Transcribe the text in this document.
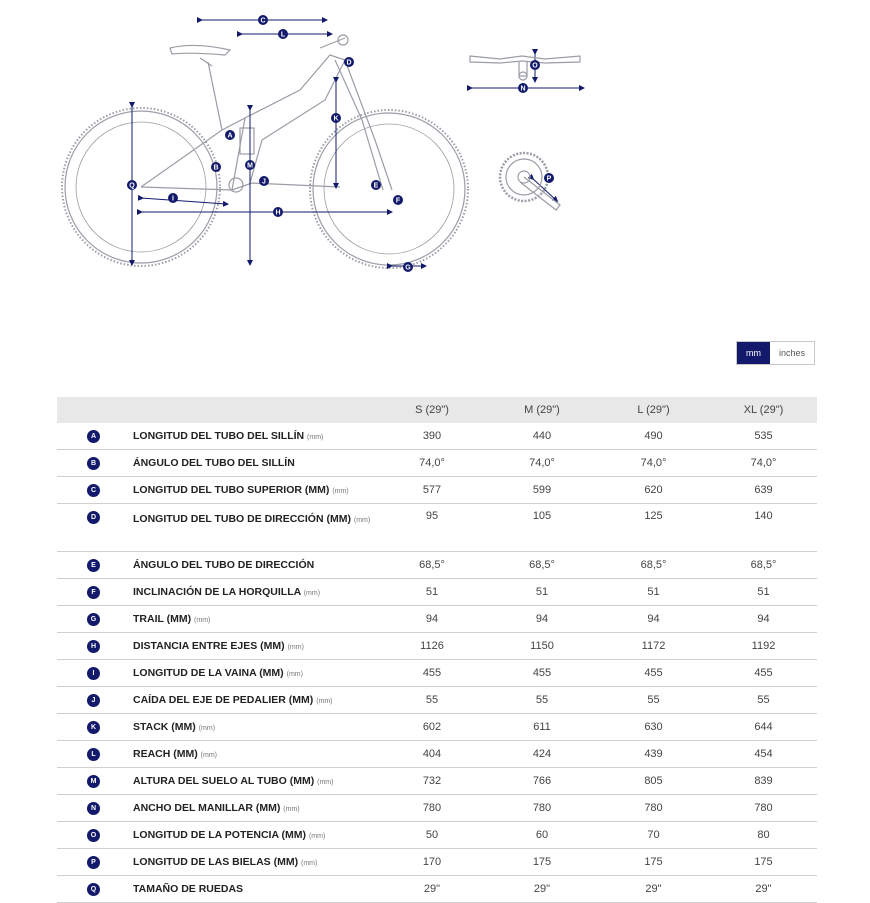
C
L
D
K
A
B	M
J
E
F
Q
I
H
G
N
O
P
mm	inches
		S (29")	M (29")	L (29")	XL (29")
A	LONGITUD DEL TUBO DEL SILLÍN (mm)	390	440	490	535
B	ÁNGULO DEL TUBO DEL SILLÍN	74,0°	74,0°	74,0°	74,0°
C	LONGITUD DEL TUBO SUPERIOR (MM) (mm)	577	599	620	639
D	LONGITUD DEL TUBO DE DIRECCIÓN (MM) (mm)	95	105	125	140
E	ÁNGULO DEL TUBO DE DIRECCIÓN	68,5°	68,5°	68,5°	68,5°
F	INCLINACIÓN DE LA HORQUILLA (mm)	51	51	51	51
G	TRAIL (MM) (mm)	94	94	94	94
H	DISTANCIA ENTRE EJES (MM) (mm)	1126	1150	1172	1192
I	LONGITUD DE LA VAINA (MM) (mm)	455	455	455	455
J	CAÍDA DEL EJE DE PEDALIER (MM) (mm)	55	55	55	55
K	STACK (MM) (mm)	602	611	630	644
L	REACH (MM) (mm)	404	424	439	454
M	ALTURA DEL SUELO AL TUBO (MM) (mm)	732	766	805	839
N	ANCHO DEL MANILLAR (MM) (mm)	780	780	780	780
O	LONGITUD DE LA POTENCIA (MM) (mm)	50	60	70	80
P	LONGITUD DE LAS BIELAS (MM) (mm)	170	175	175	175
Q	TAMAÑO DE RUEDAS	29"	29"	29"	29"
